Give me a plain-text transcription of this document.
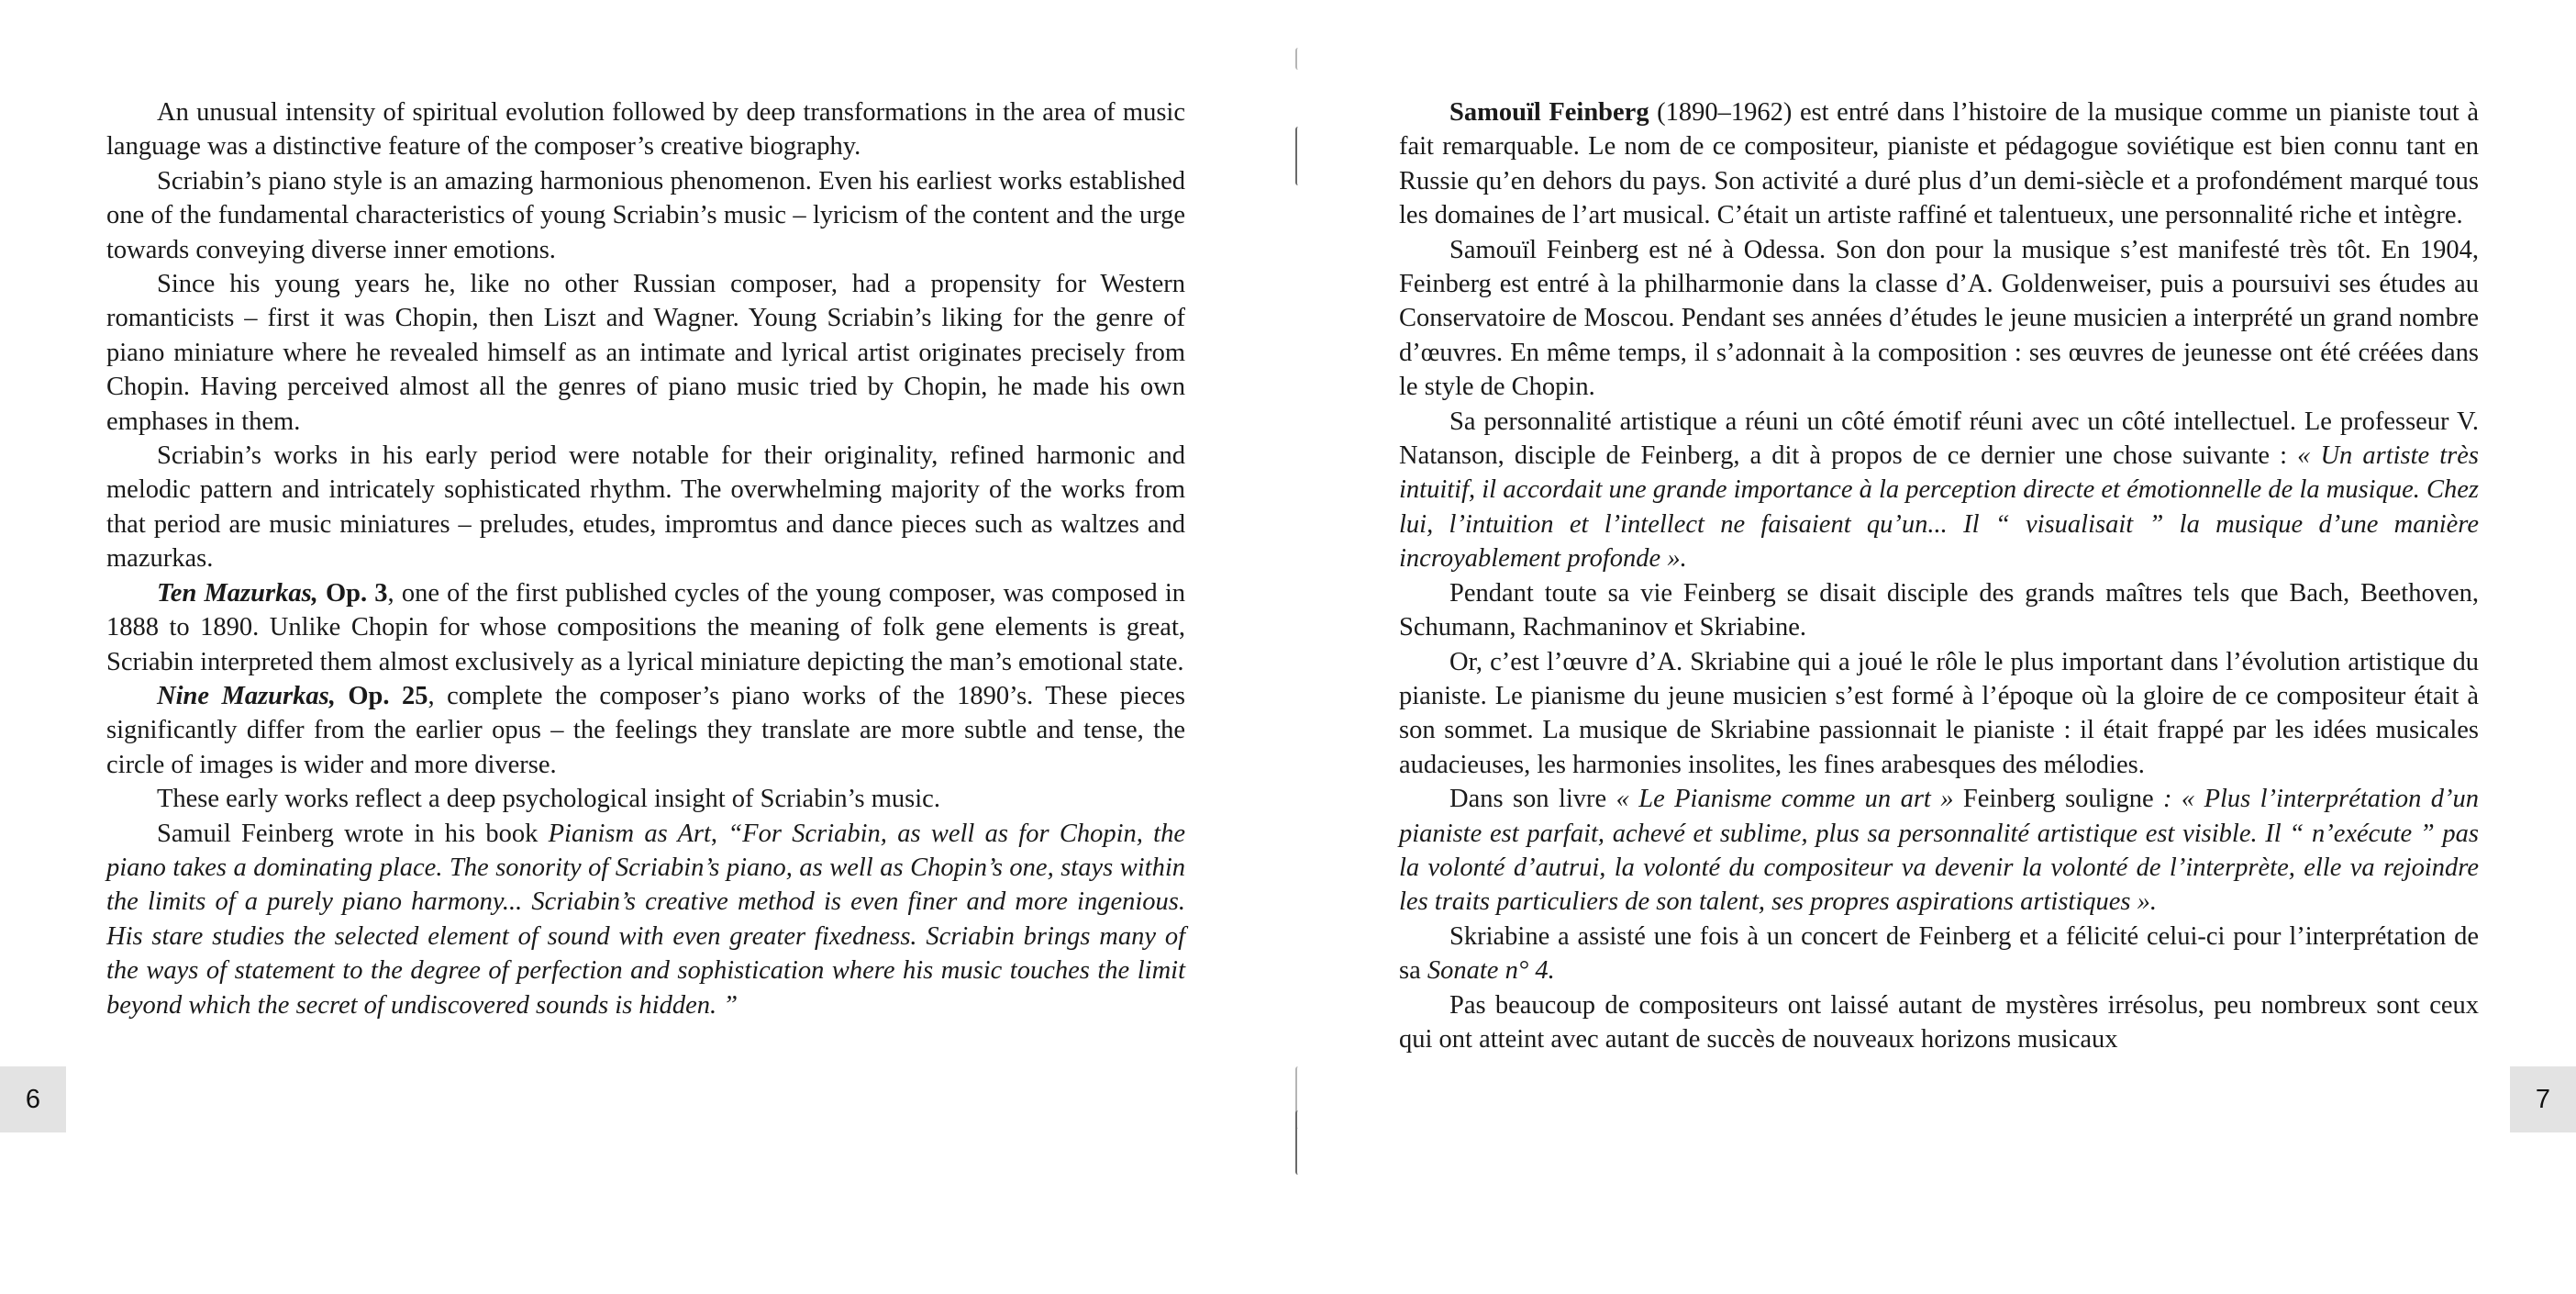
An unusual intensity of spiritual evolution followed by deep transformations in the area of music language was a distinctive feature of the composer’s creative biography.

Scriabin’s piano style is an amazing harmonious phenomenon. Even his earliest works established one of the fundamental characteristics of young Scriabin’s music – lyricism of the content and the urge towards conveying diverse inner emotions.

Since his young years he, like no other Russian composer, had a propensity for Western romanticists – first it was Chopin, then Liszt and Wagner. Young Scriabin’s liking for the genre of piano miniature where he revealed himself as an intimate and lyrical artist originates precisely from Chopin. Having perceived almost all the genres of piano music tried by Chopin, he made his own emphases in them.

Scriabin’s works in his early period were notable for their originality, refined harmonic and melodic pattern and intricately sophisticated rhythm. The overwhelming majority of the works from that period are music miniatures – preludes, etudes, impromtus and dance pieces such as waltzes and mazurkas.

Ten Mazurkas, Op. 3, one of the first published cycles of the young composer, was composed in 1888 to 1890. Unlike Chopin for whose compositions the meaning of folk gene elements is great, Scriabin interpreted them almost exclusively as a lyrical miniature depicting the man’s emotional state.

Nine Mazurkas, Op. 25, complete the composer’s piano works of the 1890’s. These pieces significantly differ from the earlier opus – the feelings they translate are more subtle and tense, the circle of images is wider and more diverse.

These early works reflect a deep psychological insight of Scriabin’s music.

Samuil Feinberg wrote in his book Pianism as Art, “For Scriabin, as well as for Chopin, the piano takes a dominating place. The sonority of Scriabin’s piano, as well as Chopin’s one, stays within the limits of a purely piano harmony... Scriabin’s creative method is even finer and more ingenious. His stare studies the selected element of sound with even greater fixedness. Scriabin brings many of the ways of statement to the degree of perfection and sophistication where his music touches the limit beyond which the secret of undiscovered sounds is hidden. ”

Samouïl Feinberg (1890–1962) est entré dans l’histoire de la musique comme un pianiste tout à fait remarquable. Le nom de ce compositeur, pianiste et pédagogue soviétique est bien connu tant en Russie qu’en dehors du pays. Son activité a duré plus d’un demi-siècle et a profondément marqué tous les domaines de l’art musical. C’était un artiste raffiné et talentueux, une personnalité riche et intègre.

Samouïl Feinberg est né à Odessa. Son don pour la musique s’est manifesté très tôt. En 1904, Feinberg est entré à la philharmonie dans la classe d’A. Goldenweiser, puis a poursuivi ses études au Conservatoire de Moscou. Pendant ses années d’études le jeune musicien a interprété un grand nombre d’œuvres. En même temps, il s’adonnait à la composition : ses œuvres de jeunesse ont été créées dans le style de Chopin.

Sa personnalité artistique a réuni un côté émotif réuni avec un côté intellectuel. Le professeur V. Natanson, disciple de Feinberg, a dit à propos de ce dernier une chose suivante : « Un artiste très intuitif, il accordait une grande importance à la perception directe et émotionnelle de la musique. Chez lui, l’intuition et l’intellect ne faisaient qu’un... Il “ visualisait ” la musique d’une manière incroyablement profonde ».

Pendant toute sa vie Feinberg se disait disciple des grands maîtres tels que Bach, Beethoven, Schumann, Rachmaninov et Skriabine.

Or, c’est l’œuvre d’A. Skriabine qui a joué le rôle le plus important dans l’évolution artistique du pianiste. Le pianisme du jeune musicien s’est formé à l’époque où la gloire de ce compositeur était à son sommet. La musique de Skriabine passionnait le pianiste : il était frappé par les idées musicales audacieuses, les harmonies insolites, les fines arabesques des mélodies.

Dans son livre « Le Pianisme comme un art » Feinberg souligne : « Plus l’interprétation d’un pianiste est parfait, achevé et sublime, plus sa personnalité artistique est visible. Il “ n’exécute ” pas la volonté d’autrui, la volonté du compositeur va devenir la volonté de l’interprète, elle va rejoindre les traits particuliers de son talent, ses propres aspirations artistiques ».

Skriabine a assisté une fois à un concert de Feinberg et a félicité celui-ci pour l’interprétation de sa Sonate n° 4.

Pas beaucoup de compositeurs ont laissé autant de mystères irrésolus, peu nombreux sont ceux qui ont atteint avec autant de succès de nouveaux horizons musicaux

6	7
